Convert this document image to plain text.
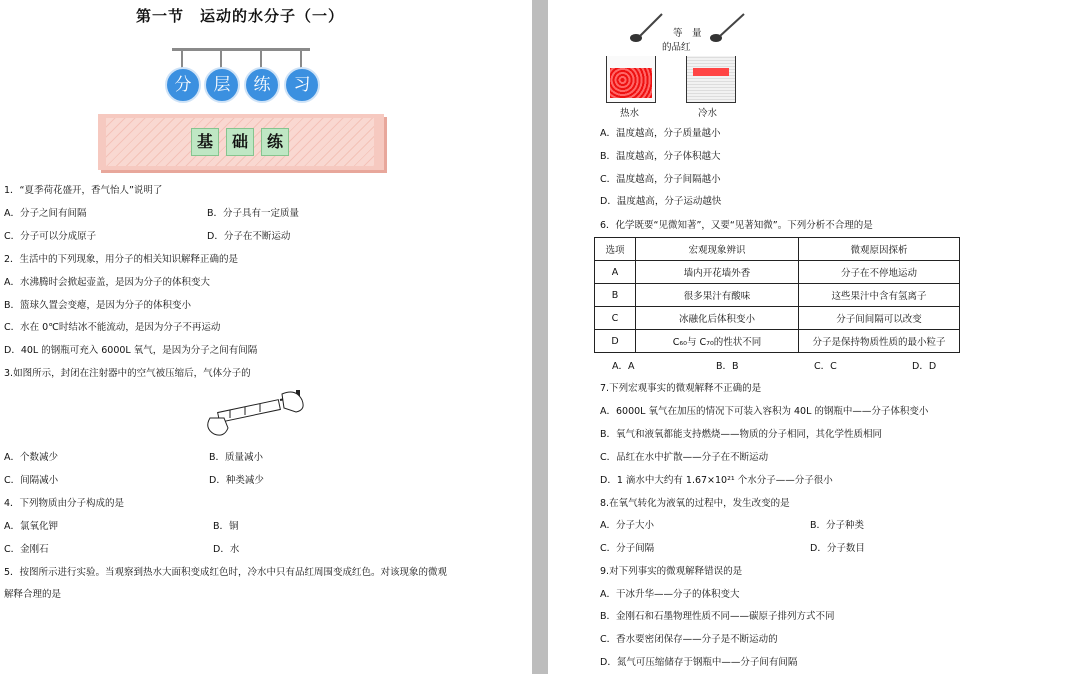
第一节　运动的水分子（一）
分	层	练	习
基	础	练
1．“夏季荷花盛开，香气怡人”说明了
A．分子之间有间隔	B．分子具有一定质量
C．分子可以分成原子	D．分子在不断运动
2．生活中的下列现象，用分子的相关知识解释正确的是
A．水沸腾时会掀起壶盖，是因为分子的体积变大
B．篮球久置会变瘪，是因为分子的体积变小
C．水在 0℃时结冰不能流动，是因为分子不再运动
D．40L 的钢瓶可充入 6000L 氧气，是因为分子之间有间隔
3.如图所示，封闭在注射器中的空气被压缩后，气体分子的
A．个数减少	B．质量减小
C．间隔减小	D．种类减少
4．下列物质由分子构成的是
A．氯氧化钾	B．铜
C．金刚石	D．水
5．按图所示进行实验。当观察到热水大面积变成红色时，冷水中只有品红周围变成红色。对该现象的微观
解释合理的是
等　量
的品红
热水	冷水
A．温度越高，分子质量越小
B．温度越高，分子体积越大
C．温度越高，分子间隔越小
D．温度越高，分子运动越快
6．化学既要“见微知著”，又要“见著知微”。下列分析不合理的是
选项	宏观现象辨识	微观原因探析
A	墙内开花墙外香	分子在不停地运动
B	很多果汁有酸味	这些果汁中含有氢离子
C	冰融化后体积变小	分子间间隔可以改变
D	C₆₀与 C₇₀的性状不同	分子是保持物质性质的最小粒子
A．A	B．B	C．C	D．D
7.下列宏观事实的微观解释不正确的是
A．6000L 氧气在加压的情况下可装入容积为 40L 的钢瓶中——分子体积变小
B．氧气和液氧都能支持燃烧——物质的分子相同，其化学性质相同
C．品红在水中扩散——分子在不断运动
D．1 滴水中大约有 1.67×10²¹ 个水分子——分子很小
8.在氧气转化为液氧的过程中，发生改变的是
A．分子大小	B．分子种类
C．分子间隔	D．分子数目
9.对下列事实的微观解释错误的是
A．干冰升华——分子的体积变大
B．金刚石和石墨物理性质不同——碳原子排列方式不同
C．香水要密闭保存——分子是不断运动的
D．氮气可压缩储存于钢瓶中——分子间有间隔
